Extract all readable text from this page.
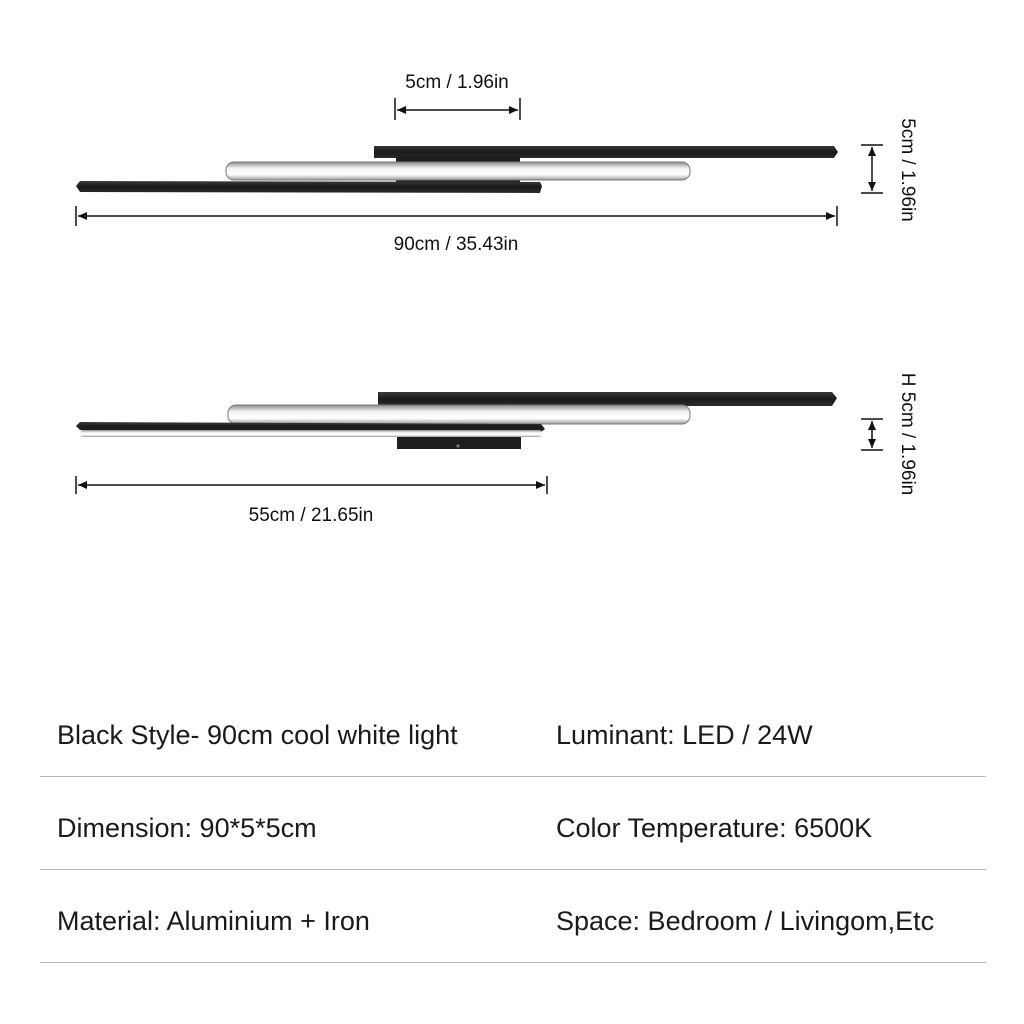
5cm / 1.96in
90cm / 35.43in
5cm / 1.96in
55cm / 21.65in
H 5cm / 1.96in
Black Style- 90cm cool white light	Luminant: LED / 24W
Dimension: 90*5*5cm	Color Temperature: 6500K
Material: Aluminium + Iron	Space: Bedroom / Livingom,Etc
